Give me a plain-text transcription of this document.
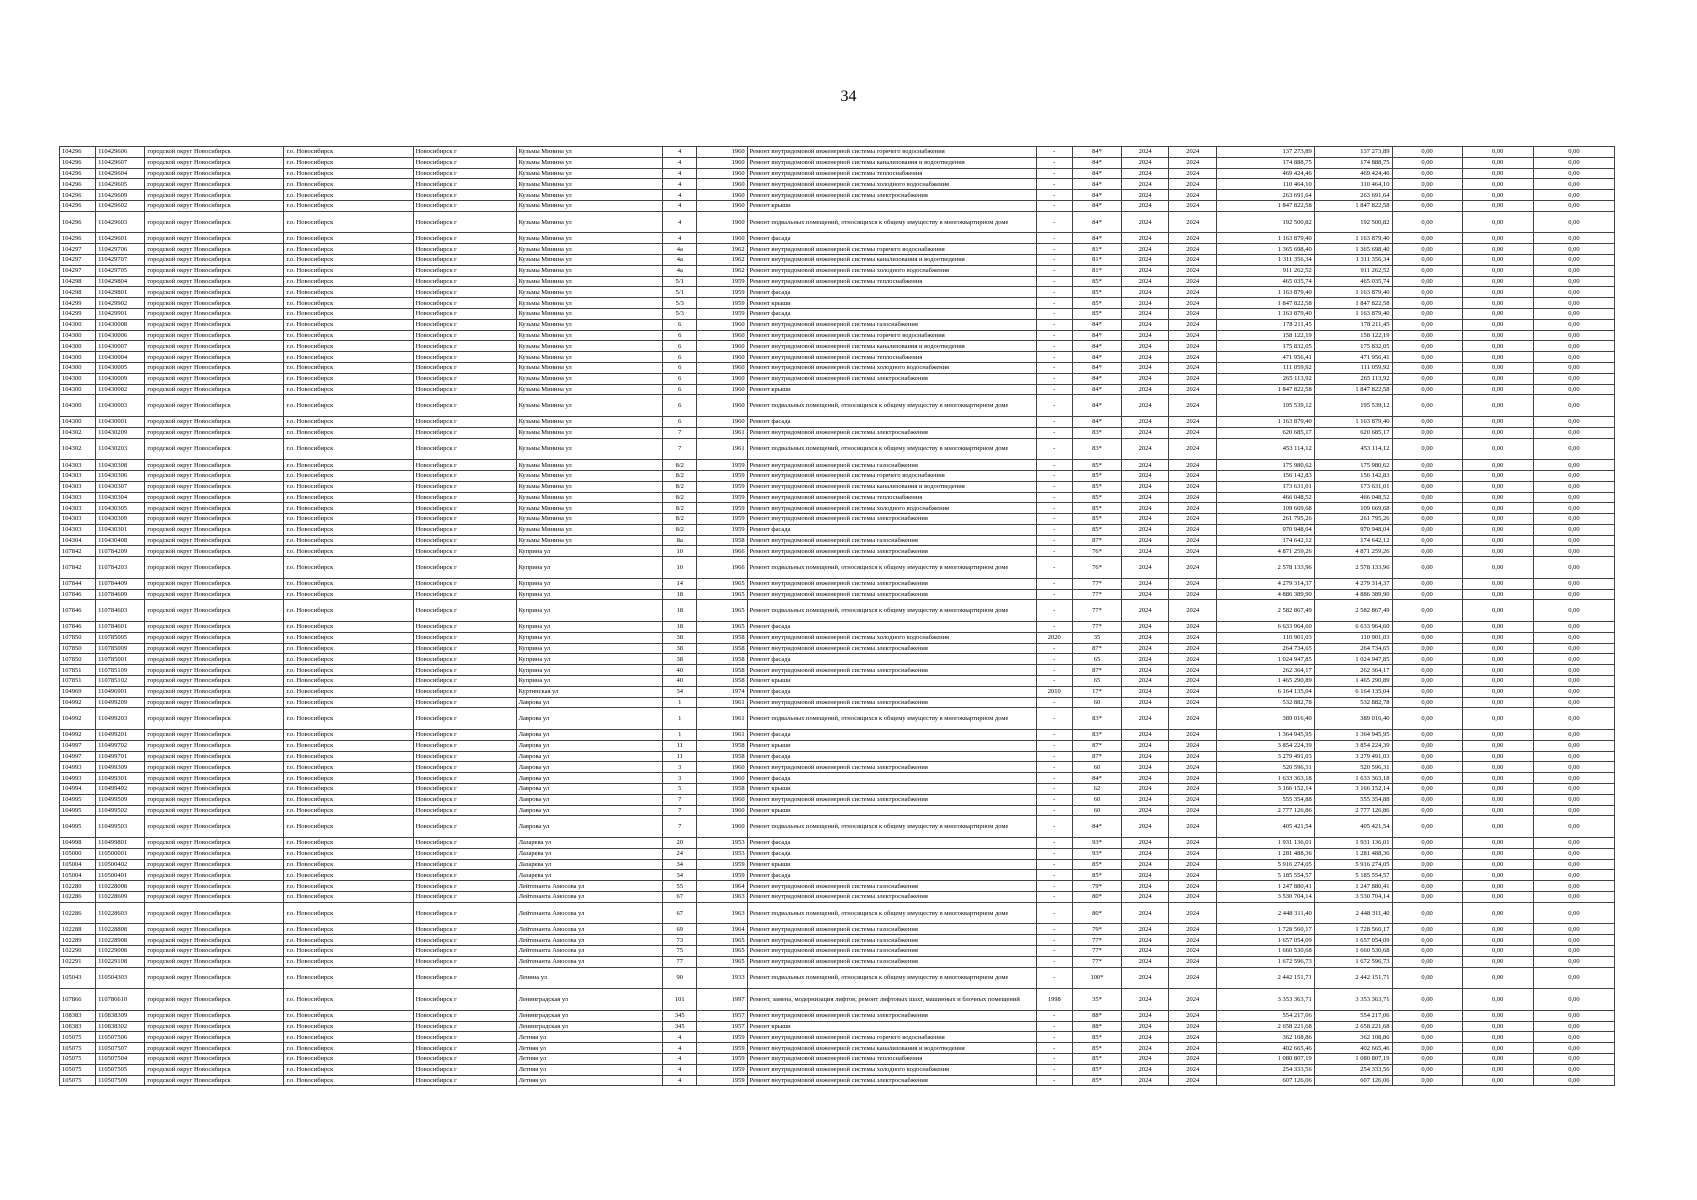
34
104296	110429606	городской округ Новосибирск	г.о. Новосибирск	Новосибирск г	Кузьмы Минина ул	4	1960	Ремонт внутридомовой инженерной системы горячего водоснабжения	-	84*	2024	2024	137 273,89	137 273,89	0,00	0,00	0,00
104296	110429607	городской округ Новосибирск	г.о. Новосибирск	Новосибирск г	Кузьмы Минина ул	4	1960	Ремонт внутридомовой инженерной системы канализования и водоотведения	-	84*	2024	2024	174 888,75	174 888,75	0,00	0,00	0,00
104296	110429604	городской округ Новосибирск	г.о. Новосибирск	Новосибирск г	Кузьмы Минина ул	4	1960	Ремонт внутридомовой инженерной системы теплоснабжения	-	84*	2024	2024	469 424,46	469 424,46	0,00	0,00	0,00
104296	110429605	городской округ Новосибирск	г.о. Новосибирск	Новосибирск г	Кузьмы Минина ул	4	1960	Ремонт внутридомовой инженерной системы холодного водоснабжения	-	84*	2024	2024	110 464,10	110 464,10	0,00	0,00	0,00
104296	110429609	городской округ Новосибирск	г.о. Новосибирск	Новосибирск г	Кузьмы Минина ул	4	1960	Ремонт внутридомовой инженерной системы электроснабжения	-	84*	2024	2024	263 691,64	263 691,64	0,00	0,00	0,00
104296	110429602	городской округ Новосибирск	г.о. Новосибирск	Новосибирск г	Кузьмы Минина ул	4	1960	Ремонт крыши	-	84*	2024	2024	1 847 822,58	1 847 822,58	0,00	0,00	0,00
104296	110429603	городской округ Новосибирск	г.о. Новосибирск	Новосибирск г	Кузьмы Минина ул	4	1960	Ремонт подвальных помещений, относящихся к общему имуществу в многоквартирном доме	-	84*	2024	2024	192 500,82	192 500,82	0,00	0,00	0,00
104296	110429601	городской округ Новосибирск	г.о. Новосибирск	Новосибирск г	Кузьмы Минина ул	4	1960	Ремонт фасада	-	84*	2024	2024	1 163 879,40	1 163 879,40	0,00	0,00	0,00
104297	110429706	городской округ Новосибирск	г.о. Новосибирск	Новосибирск г	Кузьмы Минина ул	4а	1962	Ремонт внутридомовой инженерной системы горячего водоснабжения	-	81*	2024	2024	1 365 698,40	1 365 698,40	0,00	0,00	0,00
104297	110429707	городской округ Новосибирск	г.о. Новосибирск	Новосибирск г	Кузьмы Минина ул	4а	1962	Ремонт внутридомовой инженерной системы канализования и водоотведения	-	81*	2024	2024	1 311 356,34	1 311 356,34	0,00	0,00	0,00
104297	110429705	городской округ Новосибирск	г.о. Новосибирск	Новосибирск г	Кузьмы Минина ул	4а	1962	Ремонт внутридомовой инженерной системы холодного водоснабжения	-	81*	2024	2024	911 262,52	911 262,52	0,00	0,00	0,00
104298	110429804	городской округ Новосибирск	г.о. Новосибирск	Новосибирск г	Кузьмы Минина ул	5/1	1959	Ремонт внутридомовой инженерной системы теплоснабжения	-	85*	2024	2024	465 035,74	465 035,74	0,00	0,00	0,00
104298	110429801	городской округ Новосибирск	г.о. Новосибирск	Новосибирск г	Кузьмы Минина ул	5/1	1959	Ремонт фасада	-	85*	2024	2024	1 163 879,40	1 163 879,40	0,00	0,00	0,00
104299	110429902	городской округ Новосибирск	г.о. Новосибирск	Новосибирск г	Кузьмы Минина ул	5/3	1959	Ремонт крыши	-	85*	2024	2024	1 847 822,58	1 847 822,58	0,00	0,00	0,00
104299	110429901	городской округ Новосибирск	г.о. Новосибирск	Новосибирск г	Кузьмы Минина ул	5/3	1959	Ремонт фасада	-	85*	2024	2024	1 163 879,40	1 163 879,40	0,00	0,00	0,00
104300	110430008	городской округ Новосибирск	г.о. Новосибирск	Новосибирск г	Кузьмы Минина ул	6	1960	Ремонт внутридомовой инженерной системы газоснабжения	-	84*	2024	2024	178 211,45	178 211,45	0,00	0,00	0,00
104300	110430006	городской округ Новосибирск	г.о. Новосибирск	Новосибирск г	Кузьмы Минина ул	6	1960	Ремонт внутридомовой инженерной системы горячего водоснабжения	-	84*	2024	2024	158 122,19	158 122,19	0,00	0,00	0,00
104300	110430007	городской округ Новосибирск	г.о. Новосибирск	Новосибирск г	Кузьмы Минина ул	6	1960	Ремонт внутридомовой инженерной системы канализования и водоотведения	-	84*	2024	2024	175 832,05	175 832,05	0,00	0,00	0,00
104300	110430004	городской округ Новосибирск	г.о. Новосибирск	Новосибирск г	Кузьмы Минина ул	6	1960	Ремонт внутридомовой инженерной системы теплоснабжения	-	84*	2024	2024	471 956,41	471 956,41	0,00	0,00	0,00
104300	110430005	городской округ Новосибирск	г.о. Новосибирск	Новосибирск г	Кузьмы Минина ул	6	1960	Ремонт внутридомовой инженерной системы холодного водоснабжения	-	84*	2024	2024	111 059,92	111 059,92	0,00	0,00	0,00
104300	110430009	городской округ Новосибирск	г.о. Новосибирск	Новосибирск г	Кузьмы Минина ул	6	1960	Ремонт внутридомовой инженерной системы электроснабжения	-	84*	2024	2024	265 113,92	265 113,92	0,00	0,00	0,00
104300	110430002	городской округ Новосибирск	г.о. Новосибирск	Новосибирск г	Кузьмы Минина ул	6	1960	Ремонт крыши	-	84*	2024	2024	1 847 822,58	1 847 822,58	0,00	0,00	0,00
104300	110430003	городской округ Новосибирск	г.о. Новосибирск	Новосибирск г	Кузьмы Минина ул	6	1960	Ремонт подвальных помещений, относящихся к общему имуществу в многоквартирном доме	-	84*	2024	2024	195 539,12	195 539,12	0,00	0,00	0,00
104300	110430001	городской округ Новосибирск	г.о. Новосибирск	Новосибирск г	Кузьмы Минина ул	6	1960	Ремонт фасада	-	84*	2024	2024	1 163 879,40	1 163 879,40	0,00	0,00	0,00
104302	110430209	городской округ Новосибирск	г.о. Новосибирск	Новосибирск г	Кузьмы Минина ул	7	1961	Ремонт внутридомовой инженерной системы электроснабжения	-	83*	2024	2024	620 685,17	620 685,17	0,00	0,00	0,00
104302	110430203	городской округ Новосибирск	г.о. Новосибирск	Новосибирск г	Кузьмы Минина ул	7	1961	Ремонт подвальных помещений, относящихся к общему имуществу в многоквартирном доме	-	83*	2024	2024	453 114,12	453 114,12	0,00	0,00	0,00
104303	110430308	городской округ Новосибирск	г.о. Новосибирск	Новосибирск г	Кузьмы Минина ул	8/2	1959	Ремонт внутридомовой инженерной системы газоснабжения	-	85*	2024	2024	175 980,62	175 980,62	0,00	0,00	0,00
104303	110430306	городской округ Новосибирск	г.о. Новосибирск	Новосибирск г	Кузьмы Минина ул	8/2	1959	Ремонт внутридомовой инженерной системы горячего водоснабжения	-	85*	2024	2024	156 142,83	156 142,83	0,00	0,00	0,00
104303	110430307	городской округ Новосибирск	г.о. Новосибирск	Новосибирск г	Кузьмы Минина ул	8/2	1959	Ремонт внутридомовой инженерной системы канализования и водоотведения	-	85*	2024	2024	173 631,01	173 631,01	0,00	0,00	0,00
104303	110430304	городской округ Новосибирск	г.о. Новосибирск	Новосибирск г	Кузьмы Минина ул	8/2	1959	Ремонт внутридомовой инженерной системы теплоснабжения	-	85*	2024	2024	466 048,52	466 048,52	0,00	0,00	0,00
104303	110430305	городской округ Новосибирск	г.о. Новосибирск	Новосибирск г	Кузьмы Минина ул	8/2	1959	Ремонт внутридомовой инженерной системы холодного водоснабжения	-	85*	2024	2024	109 669,68	109 669,68	0,00	0,00	0,00
104303	110430309	городской округ Новосибирск	г.о. Новосибирск	Новосибирск г	Кузьмы Минина ул	8/2	1959	Ремонт внутридомовой инженерной системы электроснабжения	-	85*	2024	2024	261 795,26	261 795,26	0,00	0,00	0,00
104303	110430301	городской округ Новосибирск	г.о. Новосибирск	Новосибирск г	Кузьмы Минина ул	8/2	1959	Ремонт фасада	-	85*	2024	2024	970 948,04	970 948,04	0,00	0,00	0,00
104304	110430408	городской округ Новосибирск	г.о. Новосибирск	Новосибирск г	Кузьмы Минина ул	8а	1958	Ремонт внутридомовой инженерной системы газоснабжения	-	87*	2024	2024	174 642,12	174 642,12	0,00	0,00	0,00
107842	110784209	городской округ Новосибирск	г.о. Новосибирск	Новосибирск г	Куприна ул	10	1966	Ремонт внутридомовой инженерной системы электроснабжения	-	76*	2024	2024	4 871 259,26	4 871 259,26	0,00	0,00	0,00
107842	110784203	городской округ Новосибирск	г.о. Новосибирск	Новосибирск г	Куприна ул	10	1966	Ремонт подвальных помещений, относящихся к общему имуществу в многоквартирном доме	-	76*	2024	2024	2 578 133,96	2 578 133,96	0,00	0,00	0,00
107844	110784409	городской округ Новосибирск	г.о. Новосибирск	Новосибирск г	Куприна ул	14	1965	Ремонт внутридомовой инженерной системы электроснабжения	-	77*	2024	2024	4 279 314,37	4 279 314,37	0,00	0,00	0,00
107846	110784609	городской округ Новосибирск	г.о. Новосибирск	Новосибирск г	Куприна ул	18	1965	Ремонт внутридомовой инженерной системы электроснабжения	-	77*	2024	2024	4 886 389,90	4 886 389,90	0,00	0,00	0,00
107846	110784603	городской округ Новосибирск	г.о. Новосибирск	Новосибирск г	Куприна ул	18	1965	Ремонт подвальных помещений, относящихся к общему имуществу в многоквартирном доме	-	77*	2024	2024	2 582 867,49	2 582 867,49	0,00	0,00	0,00
107846	110784601	городской округ Новосибирск	г.о. Новосибирск	Новосибирск г	Куприна ул	18	1965	Ремонт фасада	-	77*	2024	2024	6 633 964,60	6 633 964,60	0,00	0,00	0,00
107850	110785005	городской округ Новосибирск	г.о. Новосибирск	Новосибирск г	Куприна ул	38	1958	Ремонт внутридомовой инженерной системы холодного водоснабжения	2020	35	2024	2024	110 901,03	110 901,03	0,00	0,00	0,00
107850	110785009	городской округ Новосибирск	г.о. Новосибирск	Новосибирск г	Куприна ул	38	1958	Ремонт внутридомовой инженерной системы электроснабжения	-	87*	2024	2024	264 734,65	264 734,65	0,00	0,00	0,00
107850	110785001	городской округ Новосибирск	г.о. Новосибирск	Новосибирск г	Куприна ул	38	1958	Ремонт фасада	-	65	2024	2024	1 024 947,85	1 024 947,85	0,00	0,00	0,00
107851	110785109	городской округ Новосибирск	г.о. Новосибирск	Новосибирск г	Куприна ул	40	1958	Ремонт внутридомовой инженерной системы электроснабжения	-	87*	2024	2024	262 364,17	262 364,17	0,00	0,00	0,00
107851	110785102	городской округ Новосибирск	г.о. Новосибирск	Новосибирск г	Куприна ул	40	1958	Ремонт крыши	-	65	2024	2024	1 465 290,89	1 465 290,89	0,00	0,00	0,00
104969	110496901	городской округ Новосибирск	г.о. Новосибирск	Новосибирск г	Куртинская ул	34	1974	Ремонт фасада	2010	17*	2024	2024	6 164 135,04	6 164 135,04	0,00	0,00	0,00
104992	110499209	городской округ Новосибирск	г.о. Новосибирск	Новосибирск г	Лаврова ул	1	1961	Ремонт внутридомовой инженерной системы электроснабжения	-	60	2024	2024	532 882,78	532 882,78	0,00	0,00	0,00
104992	110499203	городской округ Новосибирск	г.о. Новосибирск	Новосибирск г	Лаврова ул	1	1961	Ремонт подвальных помещений, относящихся к общему имуществу в многоквартирном доме	-	83*	2024	2024	389 016,40	389 016,40	0,00	0,00	0,00
104992	110499201	городской округ Новосибирск	г.о. Новосибирск	Новосибирск г	Лаврова ул	1	1961	Ремонт фасада	-	83*	2024	2024	1 364 945,95	1 364 945,95	0,00	0,00	0,00
104997	110499702	городской округ Новосибирск	г.о. Новосибирск	Новосибирск г	Лаврова ул	11	1958	Ремонт крыши	-	87*	2024	2024	3 854 224,39	3 854 224,39	0,00	0,00	0,00
104997	110499701	городской округ Новосибирск	г.о. Новосибирск	Новосибирск г	Лаврова ул	11	1958	Ремонт фасада	-	87*	2024	2024	3 279 491,03	3 279 491,03	0,00	0,00	0,00
104993	110499309	городской округ Новосибирск	г.о. Новосибирск	Новосибирск г	Лаврова ул	3	1960	Ремонт внутридомовой инженерной системы электроснабжения	-	60	2024	2024	520 596,31	520 596,31	0,00	0,00	0,00
104993	110499301	городской округ Новосибирск	г.о. Новосибирск	Новосибирск г	Лаврова ул	3	1960	Ремонт фасада	-	84*	2024	2024	1 633 363,18	1 633 363,18	0,00	0,00	0,00
104994	110499402	городской округ Новосибирск	г.о. Новосибирск	Новосибирск г	Лаврова ул	5	1958	Ремонт крыши	-	62	2024	2024	3 166 152,14	3 166 152,14	0,00	0,00	0,00
104995	110499509	городской округ Новосибирск	г.о. Новосибирск	Новосибирск г	Лаврова ул	7	1960	Ремонт внутридомовой инженерной системы электроснабжения	-	60	2024	2024	555 354,88	555 354,88	0,00	0,00	0,00
104995	110499502	городской округ Новосибирск	г.о. Новосибирск	Новосибирск г	Лаврова ул	7	1960	Ремонт крыши	-	60	2024	2024	2 777 126,86	2 777 126,86	0,00	0,00	0,00
104995	110499503	городской округ Новосибирск	г.о. Новосибирск	Новосибирск г	Лаврова ул	7	1960	Ремонт подвальных помещений, относящихся к общему имуществу в многоквартирном доме	-	84*	2024	2024	405 421,54	405 421,54	0,00	0,00	0,00
104998	110499801	городской округ Новосибирск	г.о. Новосибирск	Новосибирск г	Лазарева ул	20	1953	Ремонт фасада	-	93*	2024	2024	1 931 136,01	1 931 136,01	0,00	0,00	0,00
105000	110500001	городской округ Новосибирск	г.о. Новосибирск	Новосибирск г	Лазарева ул	24	1953	Ремонт фасада	-	93*	2024	2024	1 281 488,36	1 281 488,36	0,00	0,00	0,00
105004	110500402	городской округ Новосибирск	г.о. Новосибирск	Новосибирск г	Лазарева ул	34	1959	Ремонт крыши	-	85*	2024	2024	5 916 274,05	5 916 274,05	0,00	0,00	0,00
105004	110500401	городской округ Новосибирск	г.о. Новосибирск	Новосибирск г	Лазарева ул	34	1959	Ремонт фасада	-	85*	2024	2024	5 185 554,57	5 185 554,57	0,00	0,00	0,00
102280	110228008	городской округ Новосибирск	г.о. Новосибирск	Новосибирск г	Лейтенанта Амосова ул	55	1964	Ремонт внутридомовой инженерной системы газоснабжения	-	79*	2024	2024	1 247 880,41	1 247 880,41	0,00	0,00	0,00
102286	110228609	городской округ Новосибирск	г.о. Новосибирск	Новосибирск г	Лейтенанта Амосова ул	67	1963	Ремонт внутридомовой инженерной системы электроснабжения	-	80*	2024	2024	3 530 704,14	3 530 704,14	0,00	0,00	0,00
102286	110228603	городской округ Новосибирск	г.о. Новосибирск	Новосибирск г	Лейтенанта Амосова ул	67	1963	Ремонт подвальных помещений, относящихся к общему имуществу в многоквартирном доме	-	80*	2024	2024	2 448 311,40	2 448 311,40	0,00	0,00	0,00
102288	110228808	городской округ Новосибирск	г.о. Новосибирск	Новосибирск г	Лейтенанта Амосова ул	69	1964	Ремонт внутридомовой инженерной системы газоснабжения	-	79*	2024	2024	1 728 560,17	1 728 560,17	0,00	0,00	0,00
102289	110228908	городской округ Новосибирск	г.о. Новосибирск	Новосибирск г	Лейтенанта Амосова ул	73	1965	Ремонт внутридомовой инженерной системы газоснабжения	-	77*	2024	2024	1 657 054,09	1 657 054,09	0,00	0,00	0,00
102290	110229008	городской округ Новосибирск	г.о. Новосибирск	Новосибирск г	Лейтенанта Амосова ул	75	1965	Ремонт внутридомовой инженерной системы газоснабжения	-	77*	2024	2024	1 660 530,68	1 660 530,68	0,00	0,00	0,00
102291	110229108	городской округ Новосибирск	г.о. Новосибирск	Новосибирск г	Лейтенанта Амосова ул	77	1965	Ремонт внутридомовой инженерной системы газоснабжения	-	77*	2024	2024	1 672 596,73	1 672 596,73	0,00	0,00	0,00
105043	110504303	городской округ Новосибирск	г.о. Новосибирск	Новосибирск г	Ленина ул	90	1933	Ремонт подвальных помещений, относящихся к общему имуществу в многоквартирном доме	-	100*	2024	2024	2 442 151,71	2 442 151,71	0,00	0,00	0,00
107866	110786610	городской округ Новосибирск	г.о. Новосибирск	Новосибирск г	Ленинградская ул	101	1997	Ремонт, замена, модернизация лифтов, ремонт лифтовых шахт, машинных и блочных помещений	1998	35*	2024	2024	3 353 363,71	3 353 363,71	0,00	0,00	0,00
108383	110838309	городской округ Новосибирск	г.о. Новосибирск	Новосибирск г	Ленинградская ул	345	1957	Ремонт внутридомовой инженерной системы электроснабжения	-	88*	2024	2024	554 217,06	554 217,06	0,00	0,00	0,00
108383	110838302	городской округ Новосибирск	г.о. Новосибирск	Новосибирск г	Ленинградская ул	345	1957	Ремонт крыши	-	88*	2024	2024	2 658 221,68	2 658 221,68	0,00	0,00	0,00
105075	110507506	городской округ Новосибирск	г.о. Новосибирск	Новосибирск г	Летняя ул	4	1959	Ремонт внутридомовой инженерной системы горячего водоснабжения	-	85*	2024	2024	362 108,86	362 108,86	0,00	0,00	0,00
105075	110507507	городской округ Новосибирск	г.о. Новосибирск	Новосибирск г	Летняя ул	4	1959	Ремонт внутридомовой инженерной системы канализования и водоотведения	-	85*	2024	2024	402 665,46	402 665,46	0,00	0,00	0,00
105075	110507504	городской округ Новосибирск	г.о. Новосибирск	Новосибирск г	Летняя ул	4	1959	Ремонт внутридомовой инженерной системы теплоснабжения	-	85*	2024	2024	1 080 807,19	1 080 807,19	0,00	0,00	0,00
105075	110507505	городской округ Новосибирск	г.о. Новосибирск	Новосибирск г	Летняя ул	4	1959	Ремонт внутридомовой инженерной системы холодного водоснабжения	-	85*	2024	2024	254 333,56	254 333,56	0,00	0,00	0,00
105075	110507509	городской округ Новосибирск	г.о. Новосибирск	Новосибирск г	Летняя ул	4	1959	Ремонт внутридомовой инженерной системы электроснабжения	-	85*	2024	2024	607 126,06	607 126,06	0,00	0,00	0,00
